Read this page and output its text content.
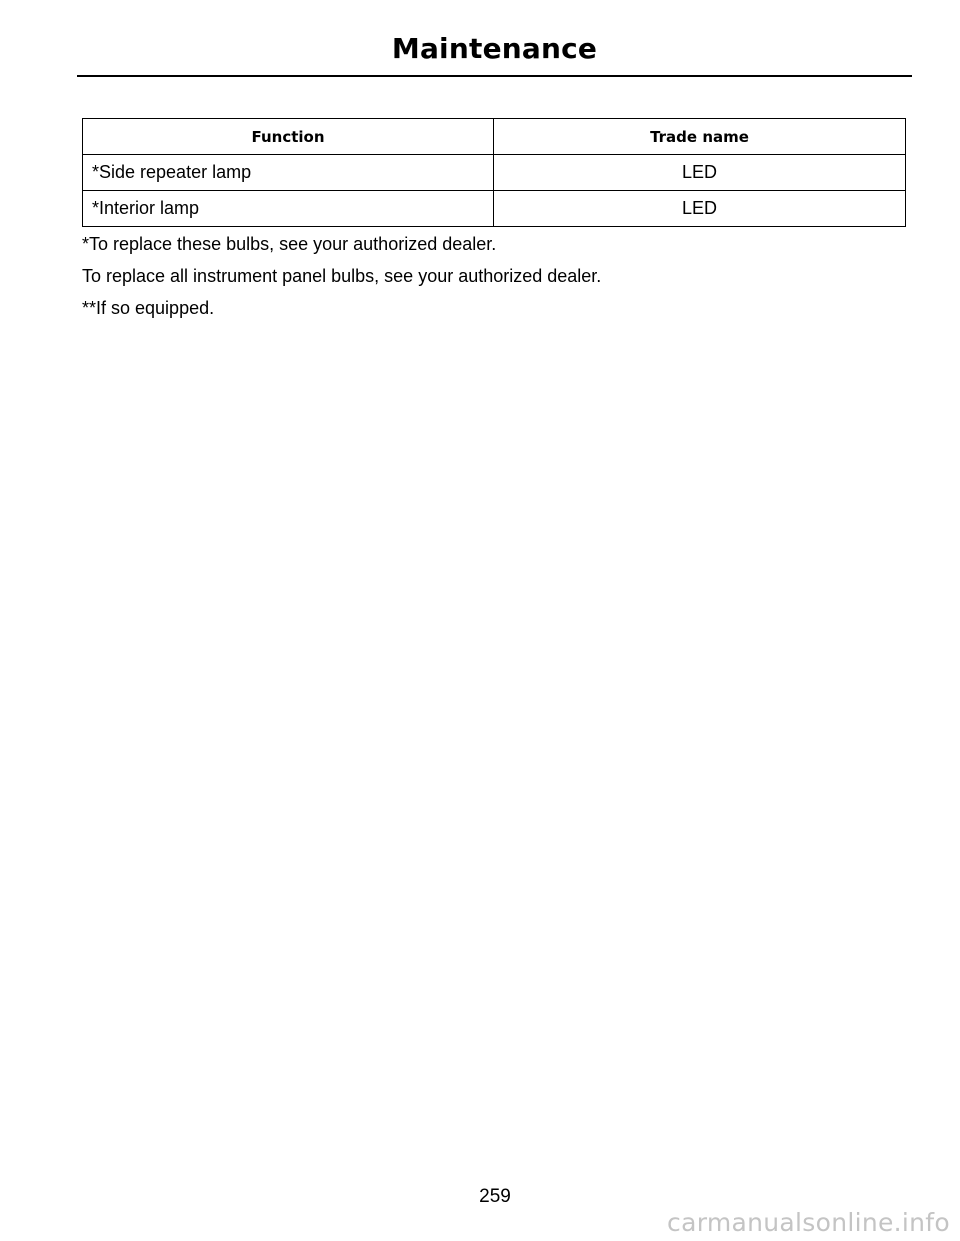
Maintenance
Function	Trade name
*Side repeater lamp	LED
*Interior lamp	LED

*To replace these bulbs, see your authorized dealer.

To replace all instrument panel bulbs, see your authorized dealer.

**If so equipped.

259
carmanualsonline.info
